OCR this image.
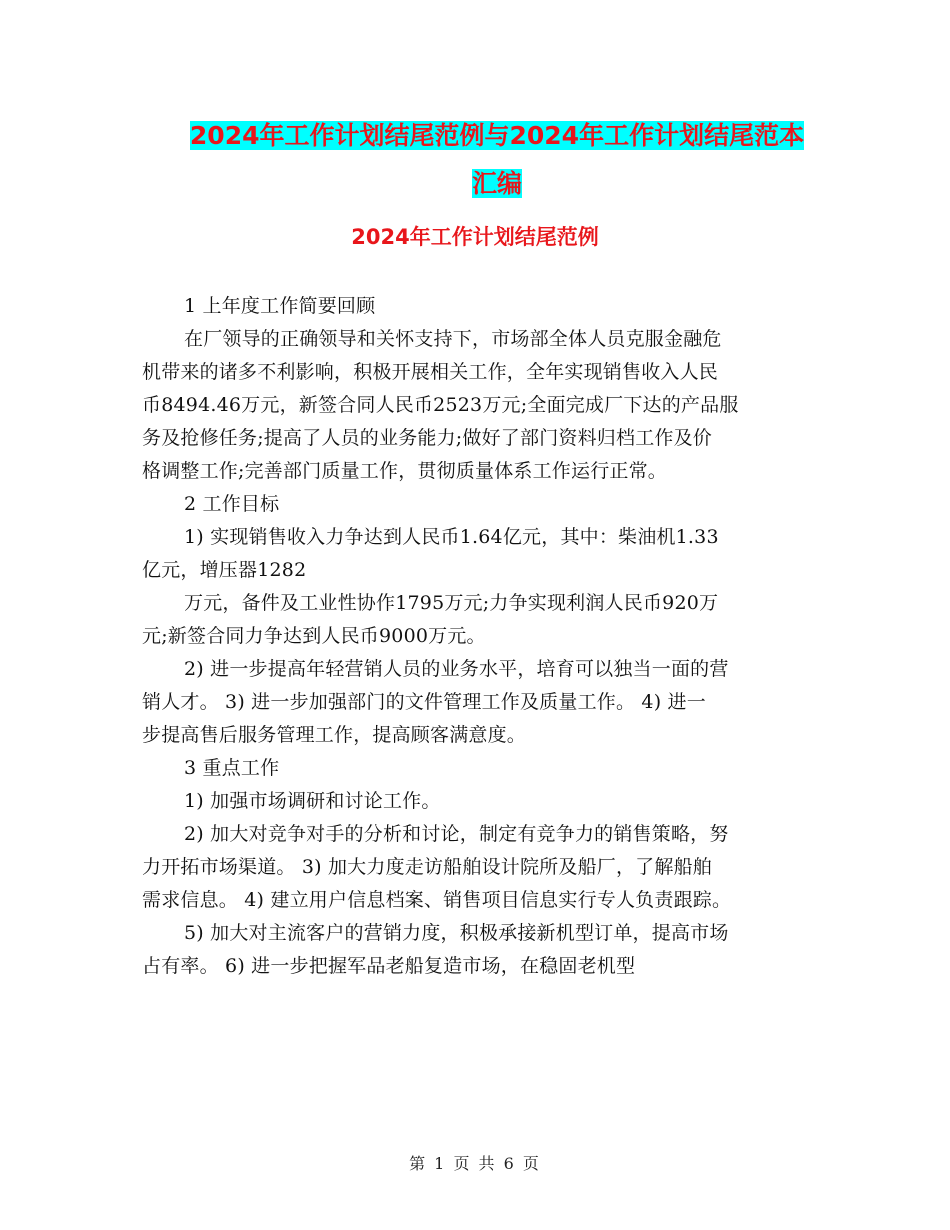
2024年工作计划结尾范例与2024年工作计划结尾范本
汇编
2024年工作计划结尾范例

1 上年度工作简要回顾

在厂领导的正确领导和关怀支持下，市场部全体人员克服金融危

机带来的诸多不利影响，积极开展相关工作，全年实现销售收入人民

币8494.46万元，新签合同人民币2523万元;全面完成厂下达的产品服

务及抢修任务;提高了人员的业务能力;做好了部门资料归档工作及价

格调整工作;完善部门质量工作，贯彻质量体系工作运行正常。

2 工作目标

1) 实现销售收入力争达到人民币1.64亿元，其中：柴油机1.33

亿元，增压器1282

万元，备件及工业性协作1795万元;力争实现利润人民币920万

元;新签合同力争达到人民币9000万元。

2) 进一步提高年轻营销人员的业务水平，培育可以独当一面的营

销人才。 3) 进一步加强部门的文件管理工作及质量工作。 4) 进一

步提高售后服务管理工作，提高顾客满意度。

3 重点工作

1) 加强市场调研和讨论工作。

2) 加大对竞争对手的分析和讨论，制定有竞争力的销售策略，努

力开拓市场渠道。 3) 加大力度走访船舶设计院所及船厂，了解船舶

需求信息。 4) 建立用户信息档案、销售项目信息实行专人负责跟踪。

5) 加大对主流客户的营销力度，积极承接新机型订单，提高市场

占有率。 6) 进一步把握军品老船复造市场，在稳固老机型

第 1 页 共 6 页
